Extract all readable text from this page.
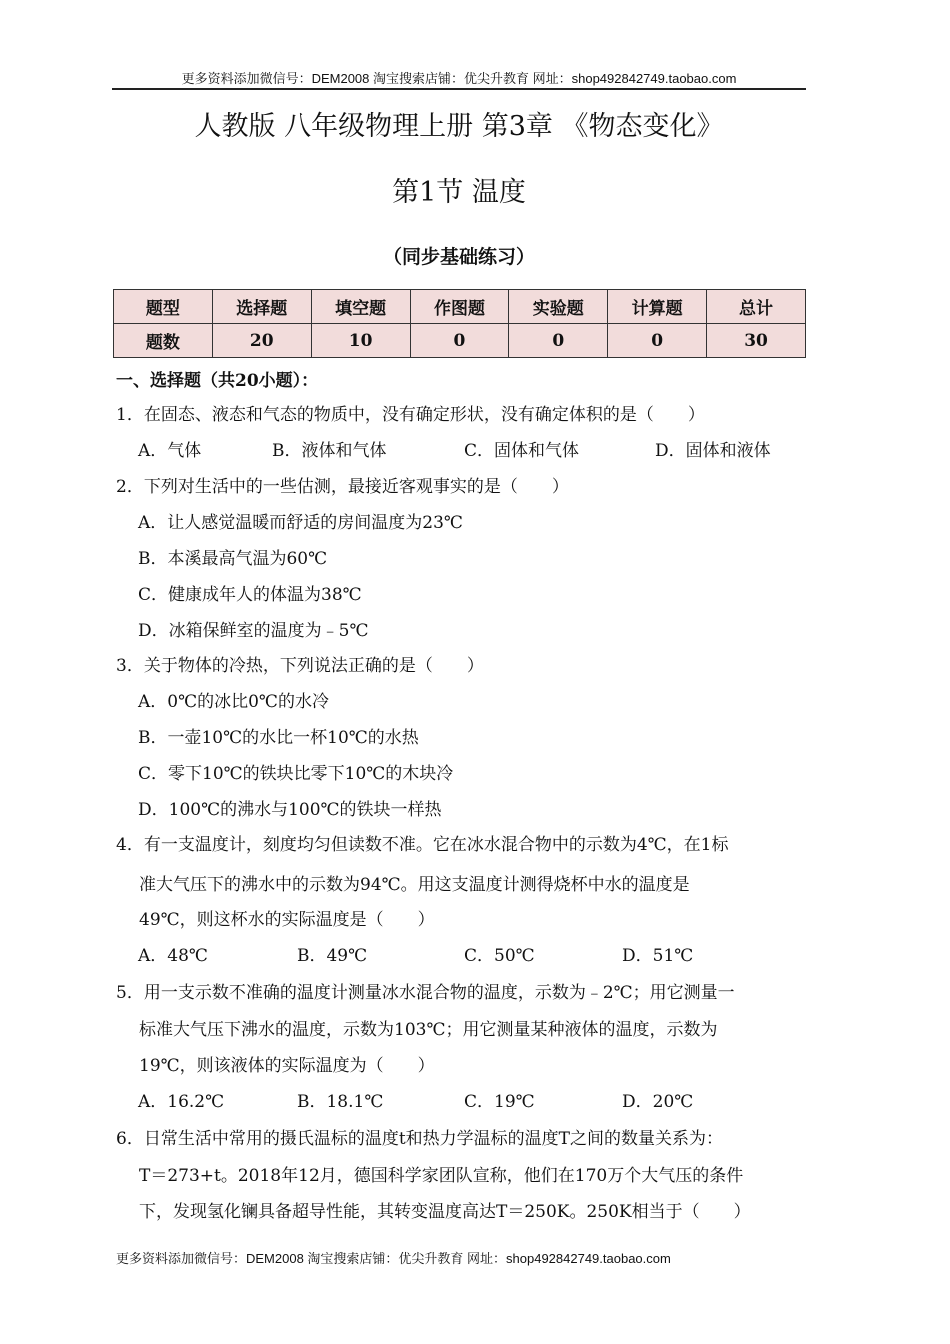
更多资料添加微信号：DEM2008 淘宝搜索店铺：优尖升教育 网址：shop492842749.taobao.com
人教版 八年级物理上册 第3章 《物态变化》
第1节 温度
（同步基础练习）
题型	选择题	填空题	作图题	实验题	计算题	总计
题数	20	10	0	0	0	30
一、选择题（共20小题）：
1．在固态、液态和气态的物质中，没有确定形状，没有确定体积的是（　　）
A．气体	B．液体和气体	C．固体和气体	D．固体和液体
2．下列对生活中的一些估测，最接近客观事实的是（　　）
A．让人感觉温暖而舒适的房间温度为23℃
B．本溪最高气温为60℃
C．健康成年人的体温为38℃
D．冰箱保鲜室的温度为﹣5℃
3．关于物体的冷热，下列说法正确的是（　　）
A．0℃的冰比0℃的水冷
B．一壶10℃的水比一杯10℃的水热
C．零下10℃的铁块比零下10℃的木块冷
D．100℃的沸水与100℃的铁块一样热
4．有一支温度计，刻度均匀但读数不准。它在冰水混合物中的示数为4℃，在1标
准大气压下的沸水中的示数为94℃。用这支温度计测得烧杯中水的温度是
49℃，则这杯水的实际温度是（　　）
A．48℃	B．49℃	C．50℃	D．51℃
5．用一支示数不准确的温度计测量冰水混合物的温度，示数为﹣2℃；用它测量一
标准大气压下沸水的温度，示数为103℃；用它测量某种液体的温度，示数为
19℃，则该液体的实际温度为（　　）
A．16.2℃	B．18.1℃	C．19℃	D．20℃
6．日常生活中常用的摄氏温标的温度t和热力学温标的温度T之间的数量关系为：
T＝273+t。2018年12月，德国科学家团队宣称，他们在170万个大气压的条件
下，发现氢化镧具备超导性能，其转变温度高达T＝250K。250K相当于（　　）
更多资料添加微信号：DEM2008 淘宝搜索店铺：优尖升教育 网址：shop492842749.taobao.com
